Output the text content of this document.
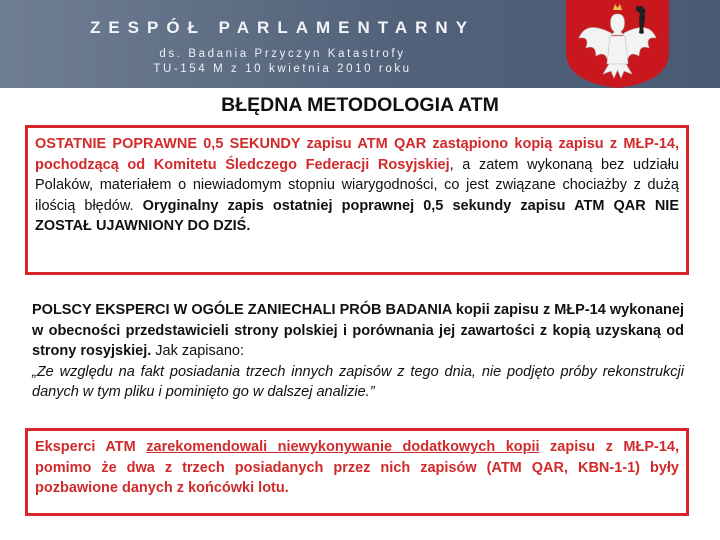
ZESPÓŁ PARLAMENTARNY
ds. Badania Przyczyn Katastrofy
TU-154 M z 10 kwietnia 2010 roku
BŁĘDNA METODOLOGIA ATM

OSTATNIE POPRAWNE 0,5 SEKUNDY zapisu ATM QAR zastąpiono kopią zapisu z MŁP-14, pochodzącą od Komitetu Śledczego Federacji Rosyjskiej, a zatem wykonaną bez udziału Polaków, materiałem o niewiadomym stopniu wiarygodności, co jest związane chociażby z dużą ilością błędów. Oryginalny zapis ostatniej poprawnej 0,5 sekundy zapisu ATM QAR NIE ZOSTAŁ UJAWNIONY DO DZIŚ.

POLSCY EKSPERCI W OGÓLE ZANIECHALI PRÓB BADANIA kopii zapisu z MŁP-14 wykonanej w obecności przedstawicieli strony polskiej i porównania jej zawartości z kopią uzyskaną od strony rosyjskiej. Jak zapisano:

„Ze względu na fakt posiadania trzech innych zapisów z tego dnia, nie podjęto próby rekonstrukcji danych w tym pliku i pominięto go w dalszej analizie.”

Eksperci ATM zarekomendowali niewykonywanie dodatkowych kopii zapisu z MŁP-14, pomimo że dwa z trzech posiadanych przez nich zapisów (ATM QAR, KBN-1-1) były pozbawione danych z końcówki lotu.
